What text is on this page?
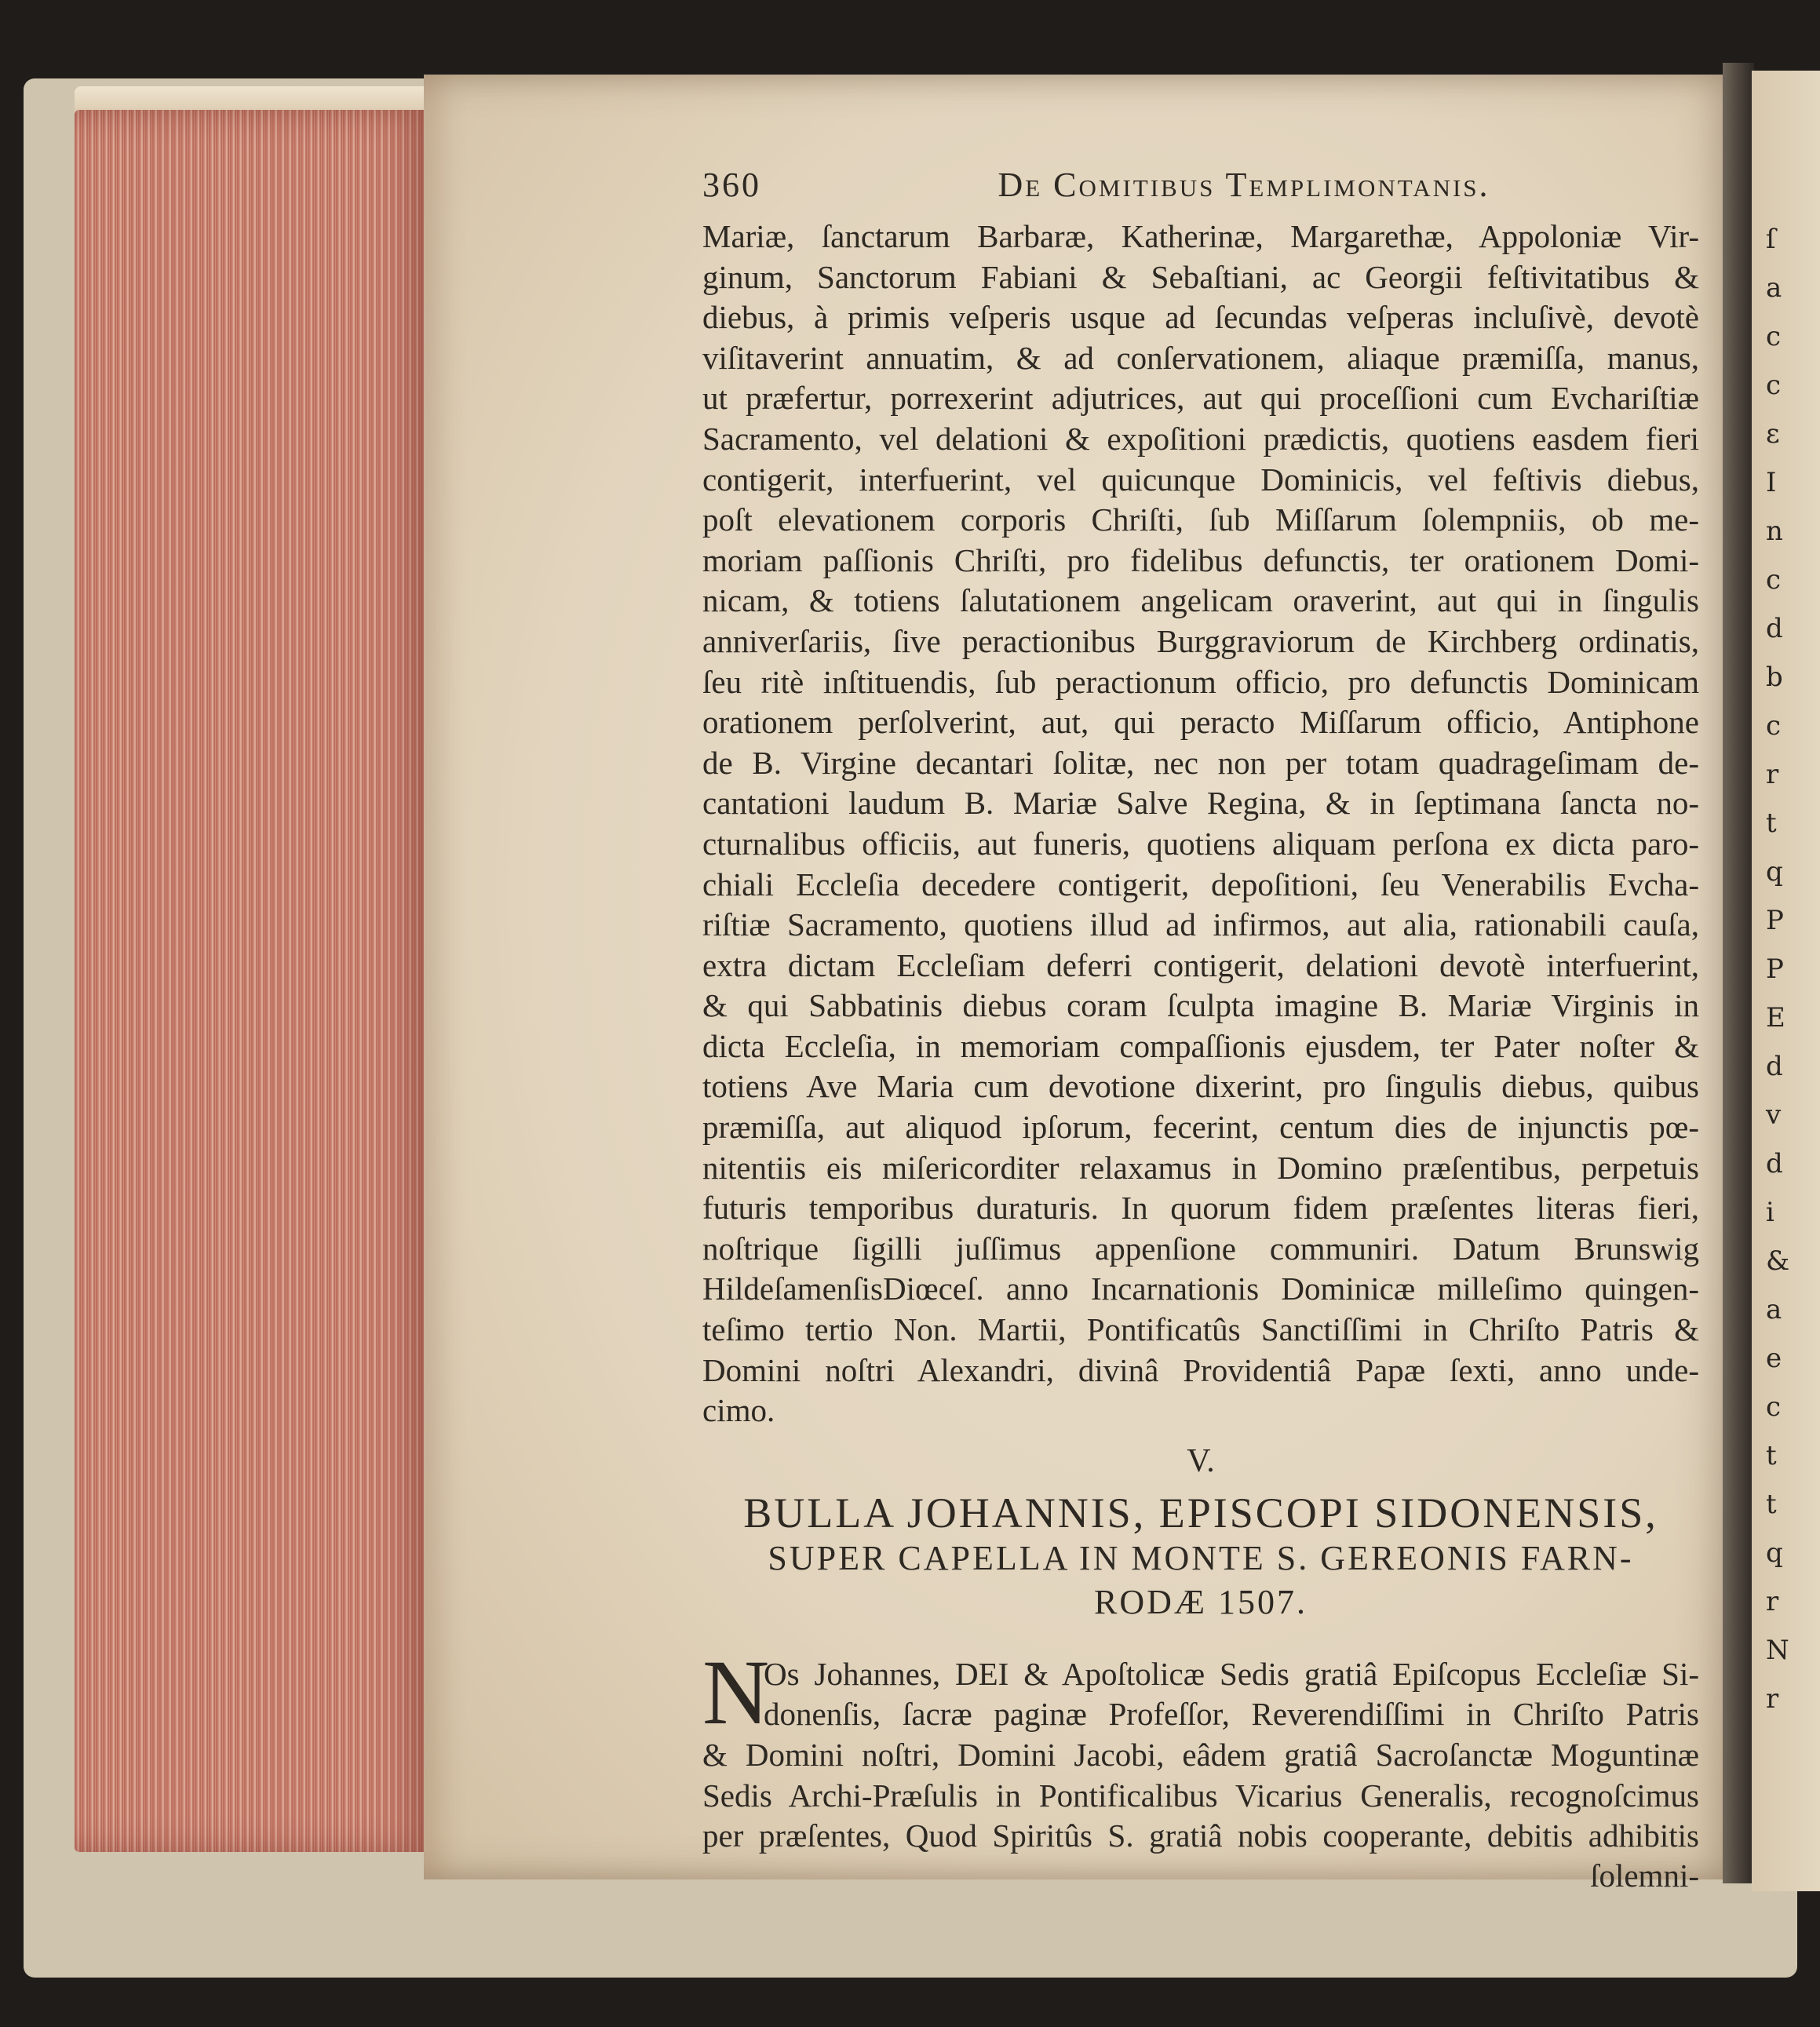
ſ
a
c
c
ε
I
n
c
d
b
c
r
t
q
P
P
E
d
v
d
i
&
a
e
c
t
t
q
r
N
r
360	De Comitibus Templimontanis.
Mariæ, ſanctarum Barbaræ, Katherinæ, Margarethæ, Appoloniæ Vir-
ginum, Sanctorum Fabiani & Sebaſtiani, ac Georgii feſtivitatibus &
diebus, à primis veſperis usque ad ſecundas veſperas incluſivè, devotè
viſitaverint annuatim, & ad conſervationem, aliaque præmiſſa, manus,
ut præfertur, porrexerint adjutrices, aut qui proceſſioni cum Evchariſtiæ
Sacramento, vel delationi & expoſitioni prædictis, quotiens easdem fieri
contigerit, interfuerint, vel quicunque Dominicis, vel feſtivis diebus,
poſt elevationem corporis Chriſti, ſub Miſſarum ſolempniis, ob me-
moriam paſſionis Chriſti, pro fidelibus defunctis, ter orationem Domi-
nicam, & totiens ſalutationem angelicam oraverint, aut qui in ſingulis
anniverſariis, ſive peractionibus Burggraviorum de Kirchberg ordinatis,
ſeu ritè inſtituendis, ſub peractionum officio, pro defunctis Dominicam
orationem perſolverint, aut, qui peracto Miſſarum officio, Antiphone
de B. Virgine decantari ſolitæ, nec non per totam quadrageſimam de-
cantationi laudum B. Mariæ Salve Regina, & in ſeptimana ſancta no-
cturnalibus officiis, aut funeris, quotiens aliquam perſona ex dicta paro-
chiali Eccleſia decedere contigerit, depoſitioni, ſeu Venerabilis Evcha-
riſtiæ Sacramento, quotiens illud ad infirmos, aut alia, rationabili cauſa,
extra dictam Eccleſiam deferri contigerit, delationi devotè interfuerint,
& qui Sabbatinis diebus coram ſculpta imagine B. Mariæ Virginis in
dicta Eccleſia, in memoriam compaſſionis ejusdem, ter Pater noſter &
totiens Ave Maria cum devotione dixerint, pro ſingulis diebus, quibus
præmiſſa, aut aliquod ipſorum, fecerint, centum dies de injunctis pœ-
nitentiis eis miſericorditer relaxamus in Domino præſentibus, perpetuis
futuris temporibus duraturis. In quorum fidem præſentes literas fieri,
noſtrique ſigilli juſſimus appenſione communiri. Datum Brunswig
HildeſamenſisDiœceſ. anno Incarnationis Dominicæ milleſimo quingen-
teſimo tertio Non. Martii, Pontificatûs Sanctiſſimi in Chriſto Patris &
Domini noſtri Alexandri, divinâ Providentiâ Papæ ſexti, anno unde-
cimo.
V.
BULLA JOHANNIS, EPISCOPI SIDONENSIS,
SUPER CAPELLA IN MONTE S. GEREONIS FARN-
RODÆ 1507.
N
Os Johannes, DEI & Apoſtolicæ Sedis gratiâ Epiſcopus Eccleſiæ Si-
donenſis, ſacræ paginæ Profeſſor, Reverendiſſimi in Chriſto Patris
& Domini noſtri, Domini Jacobi, eâdem gratiâ Sacroſanctæ Moguntinæ
Sedis Archi-Præſulis in Pontificalibus Vicarius Generalis, recognoſcimus
per præſentes, Quod Spiritûs S. gratiâ nobis cooperante, debitis adhibitis
ſolemni-
